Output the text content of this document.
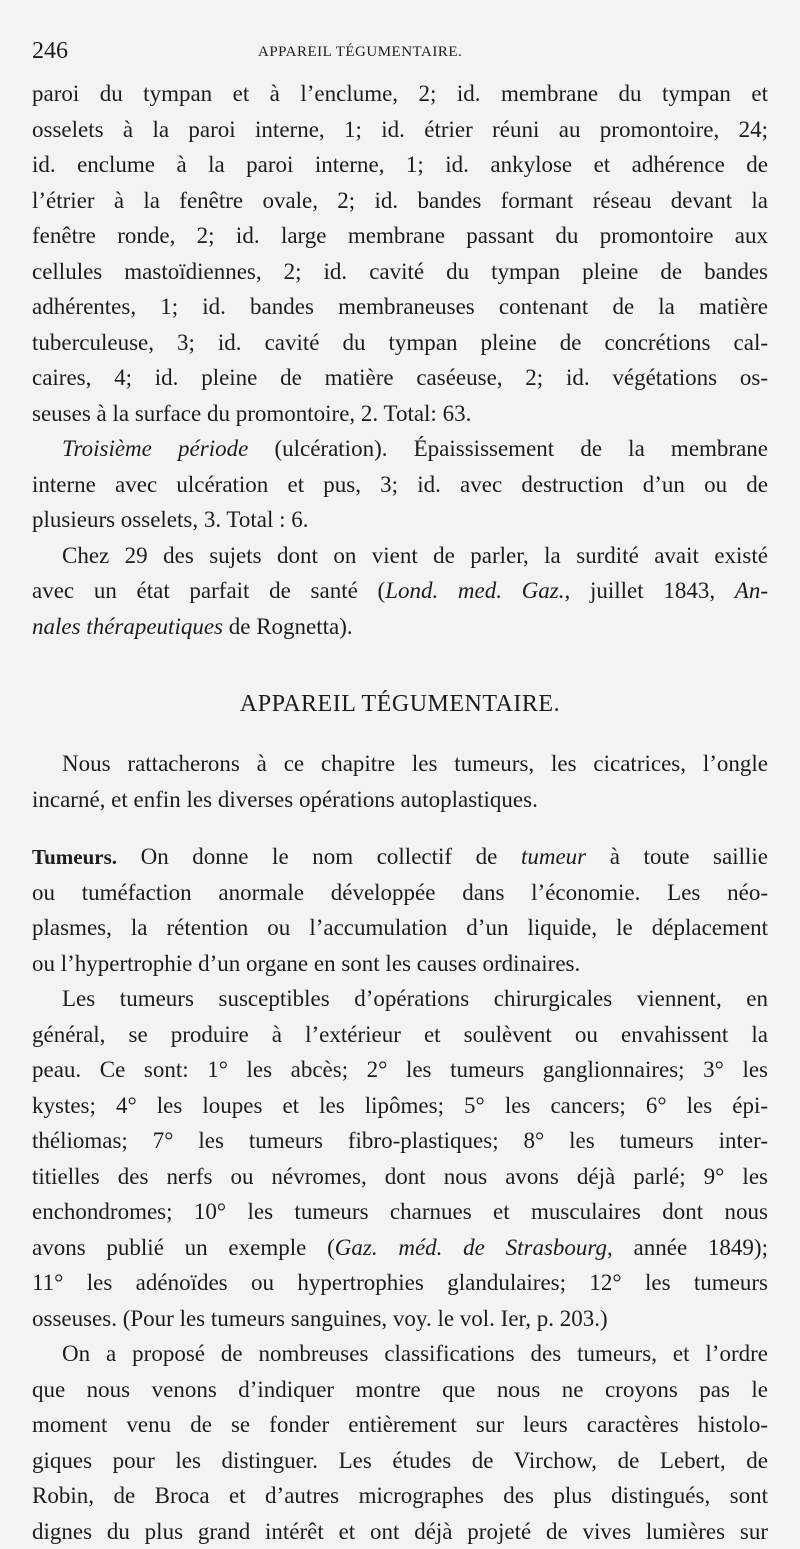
246	APPAREIL TÉGUMENTAIRE.
paroi du tympan et à l’enclume, 2; id. membrane du tympan et
osselets à la paroi interne, 1; id. étrier réuni au promontoire, 24;
id. enclume à la paroi interne, 1; id. ankylose et adhérence de
l’étrier à la fenêtre ovale, 2; id. bandes formant réseau devant la
fenêtre ronde, 2; id. large membrane passant du promontoire aux
cellules mastoïdiennes, 2; id. cavité du tympan pleine de bandes
adhérentes, 1; id. bandes membraneuses contenant de la matière
tuberculeuse, 3; id. cavité du tympan pleine de concrétions cal-
caires, 4; id. pleine de matière caséeuse, 2; id. végétations os-
seuses à la surface du promontoire, 2. Total: 63.
Troisième période (ulcération). Épaississement de la membrane
interne avec ulcération et pus, 3; id. avec destruction d’un ou de
plusieurs osselets, 3. Total : 6.
Chez 29 des sujets dont on vient de parler, la surdité avait existé
avec un état parfait de santé (Lond. med. Gaz., juillet 1843, An-
nales thérapeutiques de Rognetta).
APPAREIL TÉGUMENTAIRE.
Nous rattacherons à ce chapitre les tumeurs, les cicatrices, l’ongle
incarné, et enfin les diverses opérations autoplastiques.
Tumeurs. On donne le nom collectif de tumeur à toute saillie
ou tuméfaction anormale développée dans l’économie. Les néo-
plasmes, la rétention ou l’accumulation d’un liquide, le déplacement
ou l’hypertrophie d’un organe en sont les causes ordinaires.
Les tumeurs susceptibles d’opérations chirurgicales viennent, en
général, se produire à l’extérieur et soulèvent ou envahissent la
peau. Ce sont: 1° les abcès; 2° les tumeurs ganglionnaires; 3° les
kystes; 4° les loupes et les lipômes; 5° les cancers; 6° les épi-
théliomas; 7° les tumeurs fibro-plastiques; 8° les tumeurs inter-
titielles des nerfs ou névromes, dont nous avons déjà parlé; 9° les
enchondromes; 10° les tumeurs charnues et musculaires dont nous
avons publié un exemple (Gaz. méd. de Strasbourg, année 1849);
11° les adénoïdes ou hypertrophies glandulaires; 12° les tumeurs
osseuses. (Pour les tumeurs sanguines, voy. le vol. Ier, p. 203.)
On a proposé de nombreuses classifications des tumeurs, et l’ordre
que nous venons d’indiquer montre que nous ne croyons pas le
moment venu de se fonder entièrement sur leurs caractères histolo-
giques pour les distinguer. Les études de Virchow, de Lebert, de
Robin, de Broca et d’autres micrographes des plus distingués, sont
dignes du plus grand intérêt et ont déjà projeté de vives lumières sur
